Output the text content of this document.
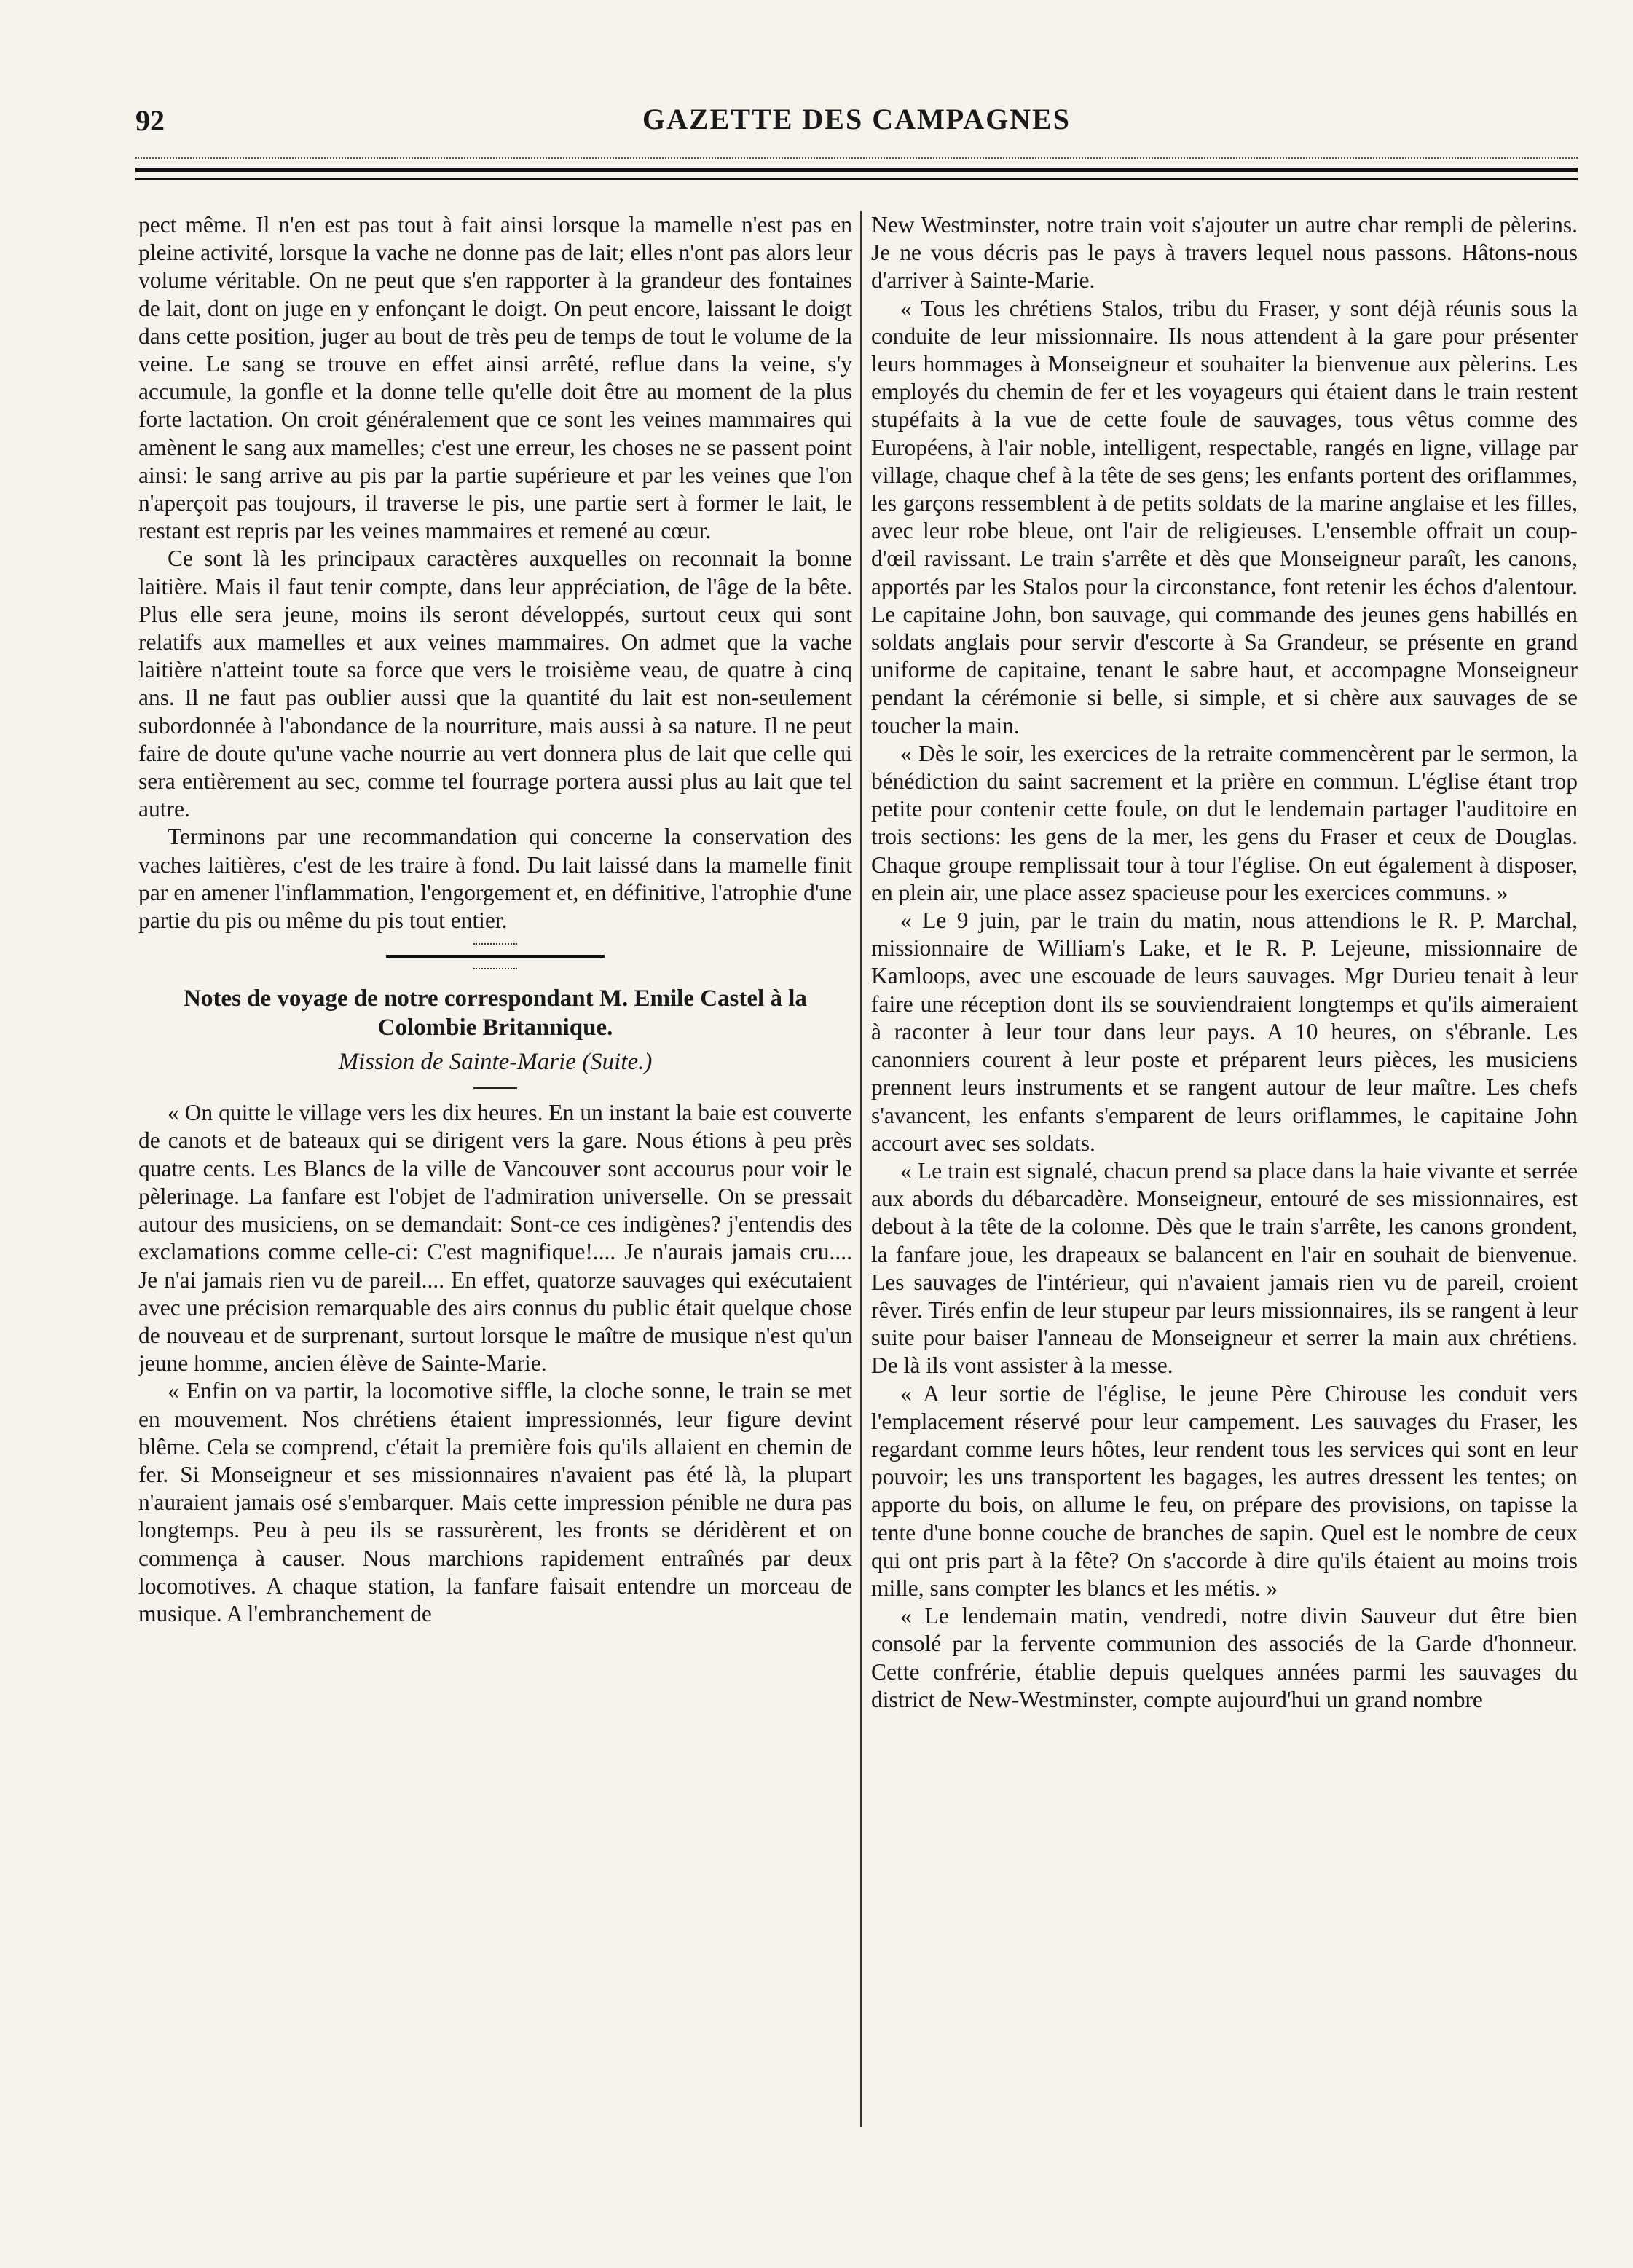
92	GAZETTE DES CAMPAGNES

pect même. Il n'en est pas tout à fait ainsi lorsque la mamelle n'est pas en pleine activité, lorsque la vache ne donne pas de lait; elles n'ont pas alors leur volume véritable. On ne peut que s'en rapporter à la grandeur des fontaines de lait, dont on juge en y enfonçant le doigt. On peut encore, laissant le doigt dans cette position, juger au bout de très peu de temps de tout le volume de la veine. Le sang se trouve en effet ainsi arrêté, reflue dans la veine, s'y accumule, la gonfle et la donne telle qu'elle doit être au moment de la plus forte lactation. On croit généralement que ce sont les veines mammaires qui amènent le sang aux mamelles; c'est une erreur, les choses ne se passent point ainsi: le sang arrive au pis par la partie supérieure et par les veines que l'on n'aperçoit pas toujours, il traverse le pis, une partie sert à former le lait, le restant est repris par les veines mammaires et remené au cœur.

Ce sont là les principaux caractères auxquelles on reconnait la bonne laitière. Mais il faut tenir compte, dans leur appréciation, de l'âge de la bête. Plus elle sera jeune, moins ils seront développés, surtout ceux qui sont relatifs aux mamelles et aux veines mammaires. On admet que la vache laitière n'atteint toute sa force que vers le troisième veau, de quatre à cinq ans. Il ne faut pas oublier aussi que la quantité du lait est non-seulement subordonnée à l'abondance de la nourriture, mais aussi à sa nature. Il ne peut faire de doute qu'une vache nourrie au vert donnera plus de lait que celle qui sera entièrement au sec, comme tel fourrage portera aussi plus au lait que tel autre.

Terminons par une recommandation qui concerne la conservation des vaches laitières, c'est de les traire à fond. Du lait laissé dans la mamelle finit par en amener l'inflammation, l'engorgement et, en définitive, l'atrophie d'une partie du pis ou même du pis tout entier.

Notes de voyage de notre correspondant M. Emile Castel à la Colombie Britannique.
Mission de Sainte-Marie (Suite.)

« On quitte le village vers les dix heures. En un instant la baie est couverte de canots et de bateaux qui se dirigent vers la gare. Nous étions à peu près quatre cents. Les Blancs de la ville de Vancouver sont accourus pour voir le pèlerinage. La fanfare est l'objet de l'admiration universelle. On se pressait autour des musiciens, on se demandait: Sont-ce ces indigènes? j'entendis des exclamations comme celle-ci: C'est magnifique!.... Je n'aurais jamais cru.... Je n'ai jamais rien vu de pareil.... En effet, quatorze sauvages qui exécutaient avec une précision remarquable des airs connus du public était quelque chose de nouveau et de surprenant, surtout lorsque le maître de musique n'est qu'un jeune homme, ancien élève de Sainte-Marie.

« Enfin on va partir, la locomotive siffle, la cloche sonne, le train se met en mouvement. Nos chrétiens étaient impressionnés, leur figure devint blême. Cela se comprend, c'était la première fois qu'ils allaient en chemin de fer. Si Monseigneur et ses missionnaires n'avaient pas été là, la plupart n'auraient jamais osé s'embarquer. Mais cette impression pénible ne dura pas longtemps. Peu à peu ils se rassurèrent, les fronts se déridèrent et on commença à causer. Nous marchions rapidement entraînés par deux locomotives. A chaque station, la fanfare faisait entendre un morceau de musique. A l'embranchement de

New Westminster, notre train voit s'ajouter un autre char rempli de pèlerins. Je ne vous décris pas le pays à travers lequel nous passons. Hâtons-nous d'arriver à Sainte-Marie.

« Tous les chrétiens Stalos, tribu du Fraser, y sont déjà réunis sous la conduite de leur missionnaire. Ils nous attendent à la gare pour présenter leurs hommages à Monseigneur et souhaiter la bienvenue aux pèlerins. Les employés du chemin de fer et les voyageurs qui étaient dans le train restent stupéfaits à la vue de cette foule de sauvages, tous vêtus comme des Européens, à l'air noble, intelligent, respectable, rangés en ligne, village par village, chaque chef à la tête de ses gens; les enfants portent des oriflammes, les garçons ressemblent à de petits soldats de la marine anglaise et les filles, avec leur robe bleue, ont l'air de religieuses. L'ensemble offrait un coup-d'œil ravissant. Le train s'arrête et dès que Monseigneur paraît, les canons, apportés par les Stalos pour la circonstance, font retenir les échos d'alentour. Le capitaine John, bon sauvage, qui commande des jeunes gens habillés en soldats anglais pour servir d'escorte à Sa Grandeur, se présente en grand uniforme de capitaine, tenant le sabre haut, et accompagne Monseigneur pendant la cérémonie si belle, si simple, et si chère aux sauvages de se toucher la main.

« Dès le soir, les exercices de la retraite commencèrent par le sermon, la bénédiction du saint sacrement et la prière en commun. L'église étant trop petite pour contenir cette foule, on dut le lendemain partager l'auditoire en trois sections: les gens de la mer, les gens du Fraser et ceux de Douglas. Chaque groupe remplissait tour à tour l'église. On eut également à disposer, en plein air, une place assez spacieuse pour les exercices communs. »

« Le 9 juin, par le train du matin, nous attendions le R. P. Marchal, missionnaire de William's Lake, et le R. P. Lejeune, missionnaire de Kamloops, avec une escouade de leurs sauvages. Mgr Durieu tenait à leur faire une réception dont ils se souviendraient longtemps et qu'ils aimeraient à raconter à leur tour dans leur pays. A 10 heures, on s'ébranle. Les canonniers courent à leur poste et préparent leurs pièces, les musiciens prennent leurs instruments et se rangent autour de leur maître. Les chefs s'avancent, les enfants s'emparent de leurs oriflammes, le capitaine John accourt avec ses soldats.

« Le train est signalé, chacun prend sa place dans la haie vivante et serrée aux abords du débarcadère. Monseigneur, entouré de ses missionnaires, est debout à la tête de la colonne. Dès que le train s'arrête, les canons grondent, la fanfare joue, les drapeaux se balancent en l'air en souhait de bienvenue. Les sauvages de l'intérieur, qui n'avaient jamais rien vu de pareil, croient rêver. Tirés enfin de leur stupeur par leurs missionnaires, ils se rangent à leur suite pour baiser l'anneau de Monseigneur et serrer la main aux chrétiens. De là ils vont assister à la messe.

« A leur sortie de l'église, le jeune Père Chirouse les conduit vers l'emplacement réservé pour leur campement. Les sauvages du Fraser, les regardant comme leurs hôtes, leur rendent tous les services qui sont en leur pouvoir; les uns transportent les bagages, les autres dressent les tentes; on apporte du bois, on allume le feu, on prépare des provisions, on tapisse la tente d'une bonne couche de branches de sapin. Quel est le nombre de ceux qui ont pris part à la fête? On s'accorde à dire qu'ils étaient au moins trois mille, sans compter les blancs et les métis. »

« Le lendemain matin, vendredi, notre divin Sauveur dut être bien consolé par la fervente communion des associés de la Garde d'honneur. Cette confrérie, établie depuis quelques années parmi les sauvages du district de New-Westminster, compte aujourd'hui un grand nombre
